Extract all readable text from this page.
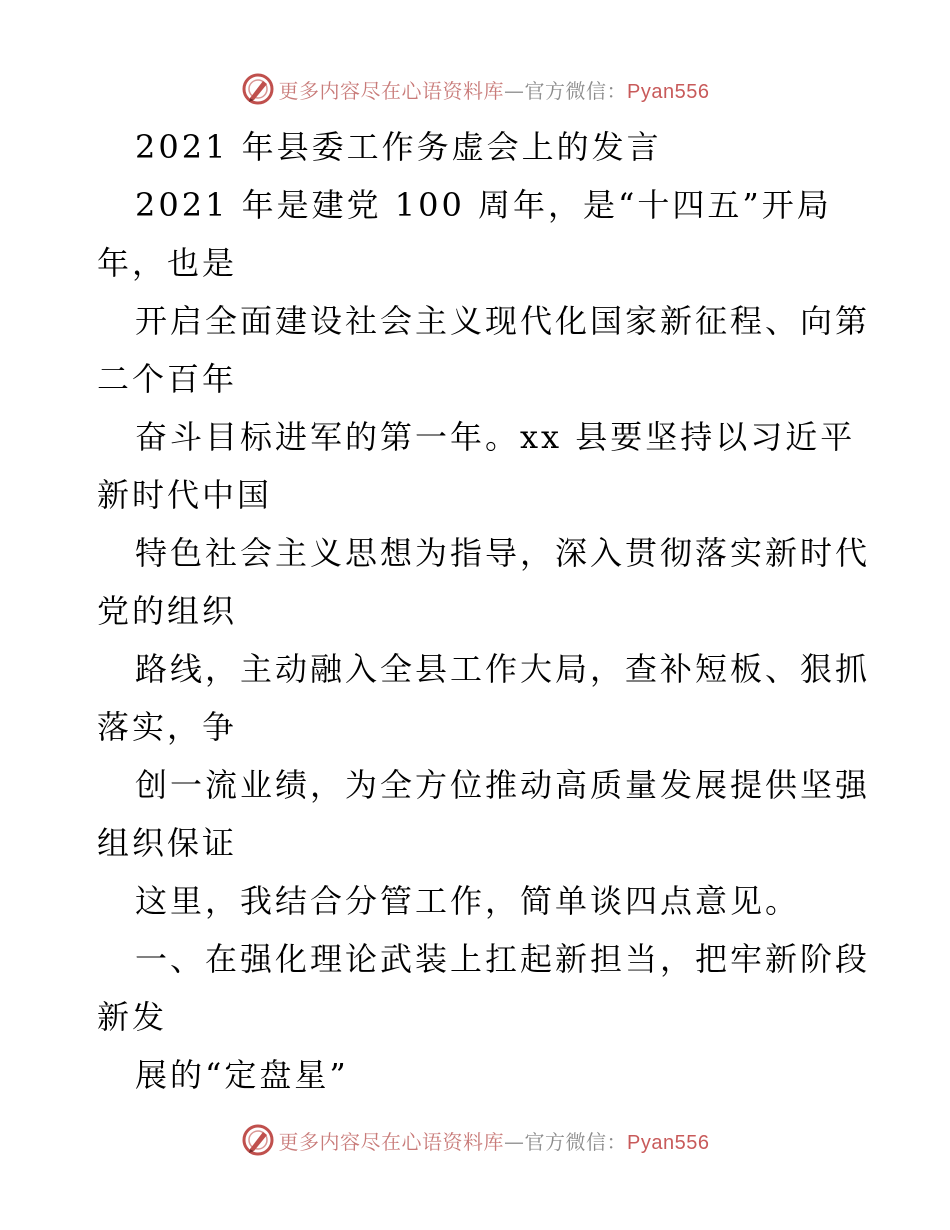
更多内容尽在心语资料库—官方微信：Pyan556
2021 年县委工作务虚会上的发言
2021 年是建党 100 周年，是“十四五”开局
年，也是
开启全面建设社会主义现代化国家新征程、向第
二个百年
奋斗目标进军的第一年。xx 县要坚持以习近平
新时代中国
特色社会主义思想为指导，深入贯彻落实新时代
党的组织
路线，主动融入全县工作大局，查补短板、狠抓
落实，争
创一流业绩，为全方位推动高质量发展提供坚强
组织保证
这里，我结合分管工作，简单谈四点意见。
一、在强化理论武装上扛起新担当，把牢新阶段
新发
展的“定盘星”
更多内容尽在心语资料库—官方微信：Pyan556
